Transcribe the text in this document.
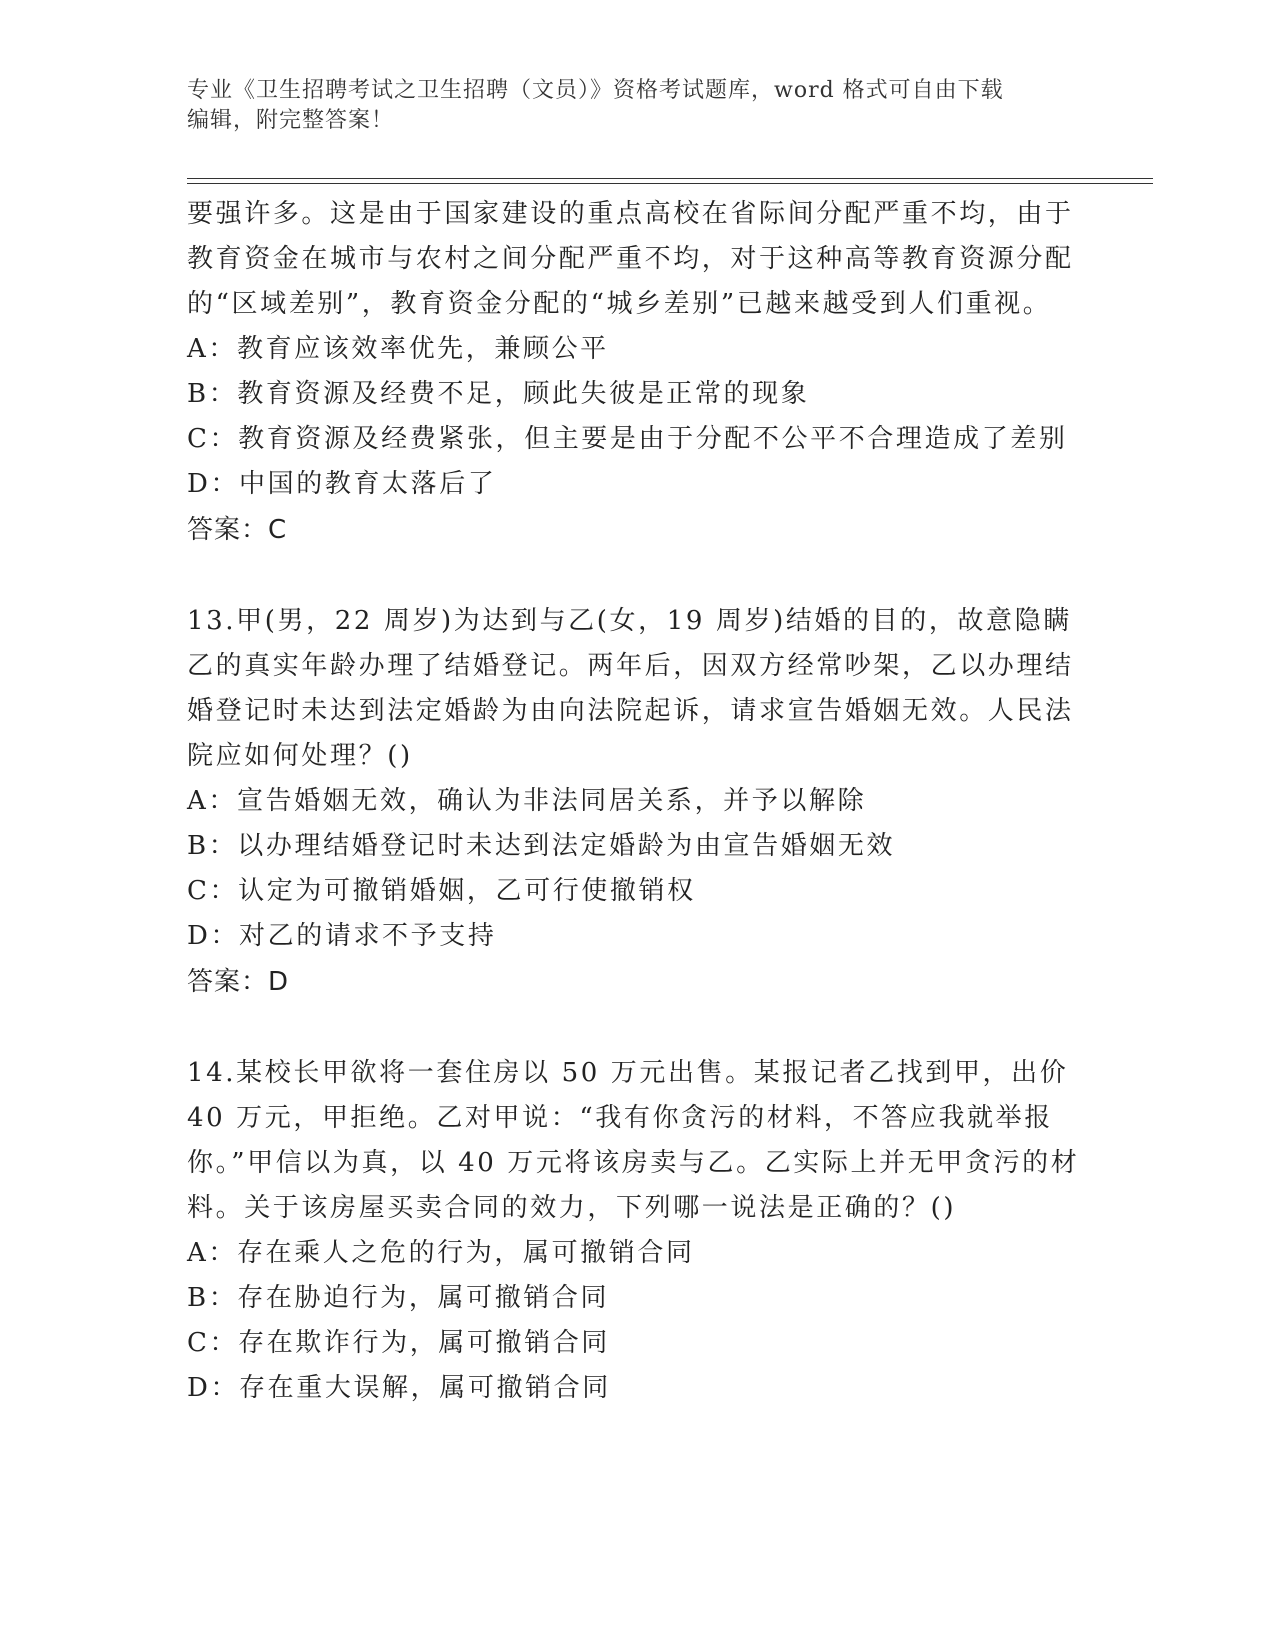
专业《卫生招聘考试之卫生招聘（文员）》资格考试题库，word 格式可自由下载
编辑，附完整答案！

要强许多。这是由于国家建设的重点高校在省际间分配严重不均，由于教育资金在城市与农村之间分配严重不均，对于这种高等教育资源分配的“区域差别”，教育资金分配的“城乡差别”已越来越受到人们重视。

A：教育应该效率优先，兼顾公平

B：教育资源及经费不足，顾此失彼是正常的现象

C：教育资源及经费紧张，但主要是由于分配不公平不合理造成了差别

D：中国的教育太落后了

答案：C

13.甲(男，22 周岁)为达到与乙(女，19 周岁)结婚的目的，故意隐瞒乙的真实年龄办理了结婚登记。两年后，因双方经常吵架，乙以办理结婚登记时未达到法定婚龄为由向法院起诉，请求宣告婚姻无效。人民法院应如何处理？()

A：宣告婚姻无效，确认为非法同居关系，并予以解除

B：以办理结婚登记时未达到法定婚龄为由宣告婚姻无效

C：认定为可撤销婚姻，乙可行使撤销权

D：对乙的请求不予支持

答案：D

14.某校长甲欲将一套住房以 50 万元出售。某报记者乙找到甲，出价 40 万元，甲拒绝。乙对甲说：“我有你贪污的材料，不答应我就举报你。”甲信以为真，以 40 万元将该房卖与乙。乙实际上并无甲贪污的材料。关于该房屋买卖合同的效力，下列哪一说法是正确的？()

A：存在乘人之危的行为，属可撤销合同

B：存在胁迫行为，属可撤销合同

C：存在欺诈行为，属可撤销合同

D：存在重大误解，属可撤销合同
